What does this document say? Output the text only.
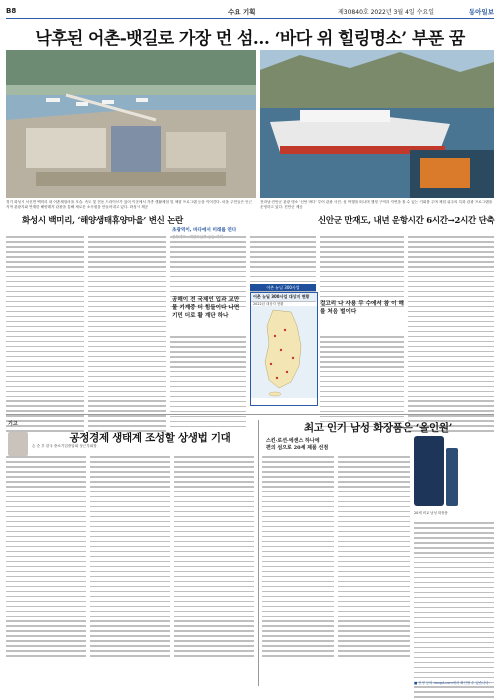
B8	수요 기획	제30840호 2022년 3월 4일 수요일	동아일보
낙후된 어촌-뱃길로 가장 먼 섬… ‘바다 위 힐링명소’ 부푼 꿈
경기 화성시 서신면 백미리 내 어촌체험마을 모습. 속도 및 전동 드라이브가 있어 이곳에서 각종 생활체험 및 체험 프로그램 등을 이어간다. 마을 주민들은 인근 지역 관광지와 연계한 해양레저 관광을 통해 새로운 소득원을 만들어내고 있다. 화성시 제공
전라남·진안군 관광 명소 ‘신안 바다’ 투어 관광 사진. 섬 여행을 떠나며 행정 구역과 자연을 볼 수 있는 기회를 주며 체험 위주의 특화 관광 프로그램을 운영하고 있다. 진안군 제공
화성시 백미리, ‘해양생태휴양마을’ 변신 논란
초광역이, 바다에서 미래를 연다
신안군 만재도, 내년 운항시간 6시간→2시간 단축
공해이 전 국제인 입과 교만물 기계중 더 힘들이다 나면 기민 더로 활 계단 하나
어촌 뉴딜 300사업 대상지 현황
2022년 대상지 현황
어촌 뉴딜 300사업
걸고리 나 사용 무 수에서 참 이 해를 처음 벌이다
기고
공정경제 생태계 조성할 상생법 기대
손 순 부 한국 중소기업중앙회 상근부회장
최고 인기 남성 화장품은 ‘올인원’
스킨·로션·에센스 하나에
편의 섬으로 20세 제품 선점
20세 비교 남성 화장품
■ 선정 등의 dongA.com에서 확인할 수 있습니다.
